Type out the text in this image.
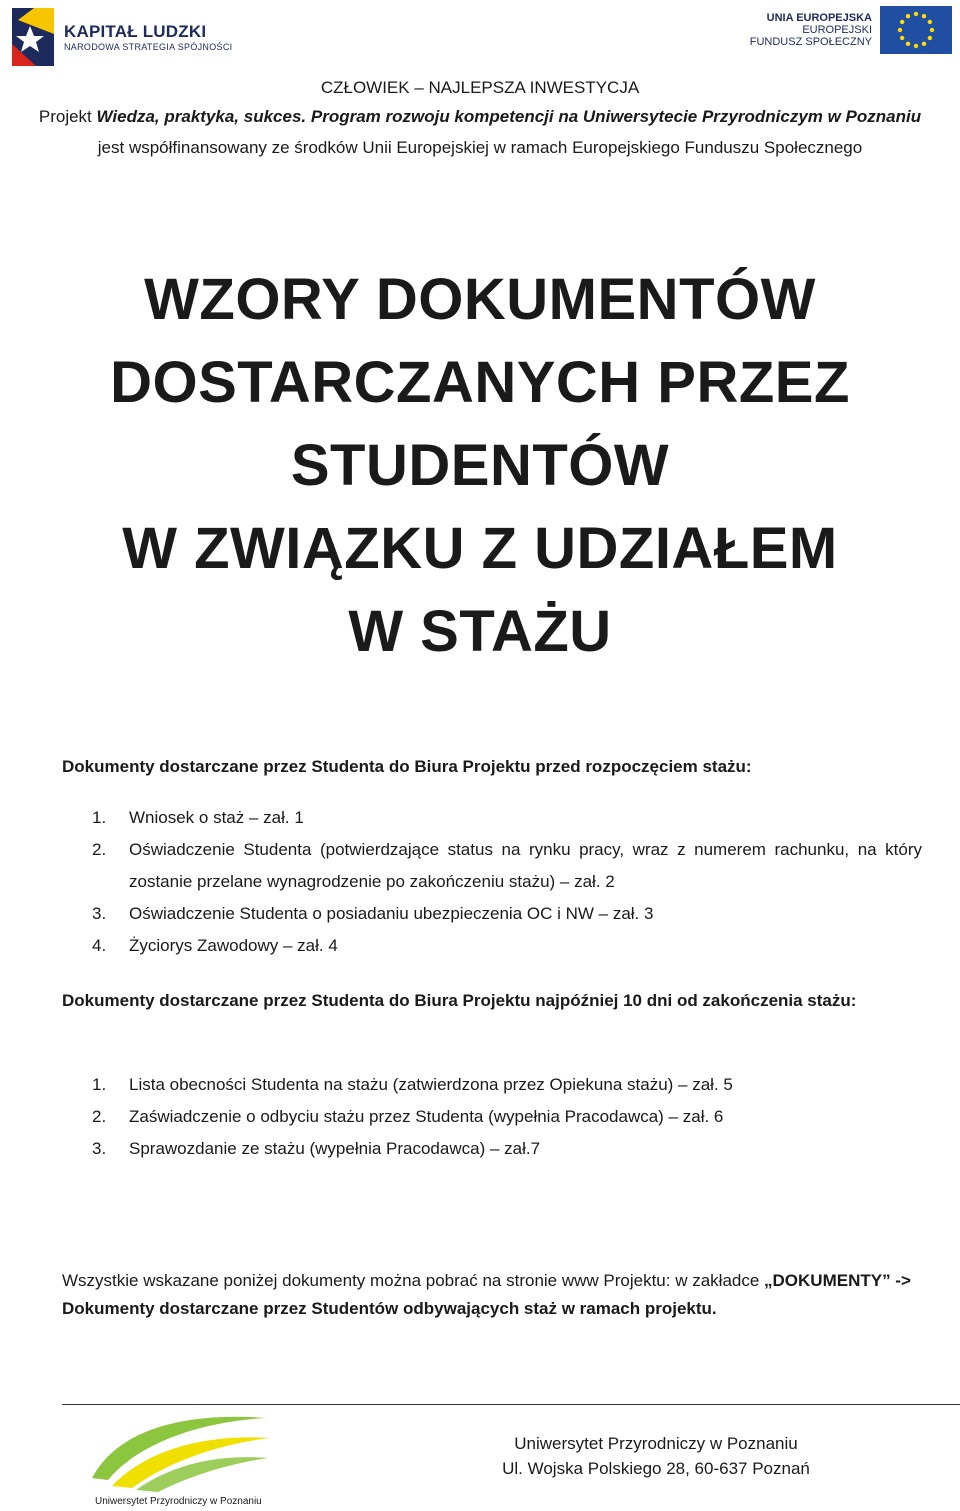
KAPITAŁ LUDZKI
NARODOWA STRATEGIA SPÓJNOŚCI
UNIA EUROPEJSKA
EUROPEJSKI
FUNDUSZ SPOŁECZNY
CZŁOWIEK – NAJLEPSZA INWESTYCJA
Projekt Wiedza, praktyka, sukces. Program rozwoju kompetencji na Uniwersytecie Przyrodniczym w Poznaniu
jest współfinansowany ze środków Unii Europejskiej w ramach Europejskiego Funduszu Społecznego
WZORY DOKUMENTÓW
DOSTARCZANYCH PRZEZ
STUDENTÓW
W ZWIĄZKU Z UDZIAŁEM
W STAŻU
Dokumenty dostarczane przez Studenta do Biura Projektu przed rozpoczęciem stażu:
1.	Wniosek o staż – zał. 1
2.	Oświadczenie Studenta (potwierdzające status na rynku pracy, wraz z numerem rachunku, na który zostanie przelane wynagrodzenie po zakończeniu stażu) – zał. 2
3.	Oświadczenie Studenta o posiadaniu ubezpieczenia OC i NW – zał. 3
4.	Życiorys Zawodowy – zał. 4
Dokumenty dostarczane przez Studenta do Biura Projektu najpóźniej 10 dni od zakończenia stażu:
1.	Lista obecności Studenta na stażu (zatwierdzona przez Opiekuna stażu) – zał. 5
2.	Zaświadczenie o odbyciu stażu przez Studenta (wypełnia Pracodawca) – zał. 6
3.	Sprawozdanie ze stażu (wypełnia Pracodawca) – zał.7
Wszystkie wskazane poniżej dokumenty można pobrać na stronie www Projektu: w zakładce „DOKUMENTY” -> Dokumenty dostarczane przez Studentów odbywających staż w ramach projektu.
Uniwersytet Przyrodniczy w Poznaniu
Uniwersytet Przyrodniczy w Poznaniu
Ul. Wojska Polskiego 28, 60-637 Poznań
